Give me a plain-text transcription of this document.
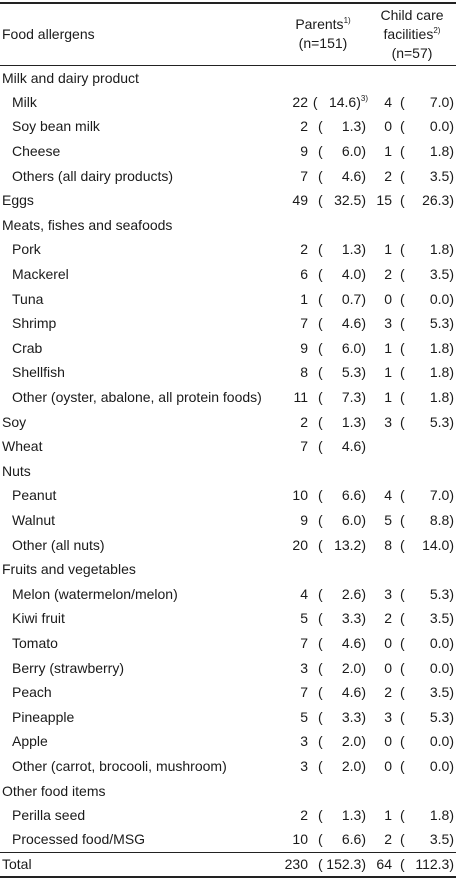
Food allergens	Parents$^{1)}$
(n=151)		Child care
facilities$^{2)}$
(n=57)	
Milk and dairy product				
Milk	22	( 14.6)$^{3)}$	4	( 7.0)
Soy bean milk	2	( 1.3)	0	( 0.0)
Cheese	9	( 6.0)	1	( 1.8)
Others (all dairy products)	7	( 4.6)	2	( 3.5)
Eggs	49	( 32.5)	15	( 26.3)
Meats, fishes and seafoods				
Pork	2	( 1.3)	1	( 1.8)
Mackerel	6	( 4.0)	2	( 3.5)
Tuna	1	( 0.7)	0	( 0.0)
Shrimp	7	( 4.6)	3	( 5.3)
Crab	9	( 6.0)	1	( 1.8)
Shellfish	8	( 5.3)	1	( 1.8)
Other (oyster, abalone, all protein foods)	11	( 7.3)	1	( 1.8)
Soy	2	( 1.3)	3	( 5.3)
Wheat	7	( 4.6)		
Nuts				
Peanut	10	( 6.6)	4	( 7.0)
Walnut	9	( 6.0)	5	( 8.8)
Other (all nuts)	20	( 13.2)	8	( 14.0)
Fruits and vegetables				
Melon (watermelon/melon)	4	( 2.6)	3	( 5.3)
Kiwi fruit	5	( 3.3)	2	( 3.5)
Tomato	7	( 4.6)	0	( 0.0)
Berry (strawberry)	3	( 2.0)	0	( 0.0)
Peach	7	( 4.6)	2	( 3.5)
Pineapple	5	( 3.3)	3	( 5.3)
Apple	3	( 2.0)	0	( 0.0)
Other (carrot, brocooli, mushroom)	3	( 2.0)	0	( 0.0)
Other food items				
Perilla seed	2	( 1.3)	1	( 1.8)
Processed food/MSG	10	( 6.6)	2	( 3.5)
Total	230	( 152.3)	64	( 112.3)
